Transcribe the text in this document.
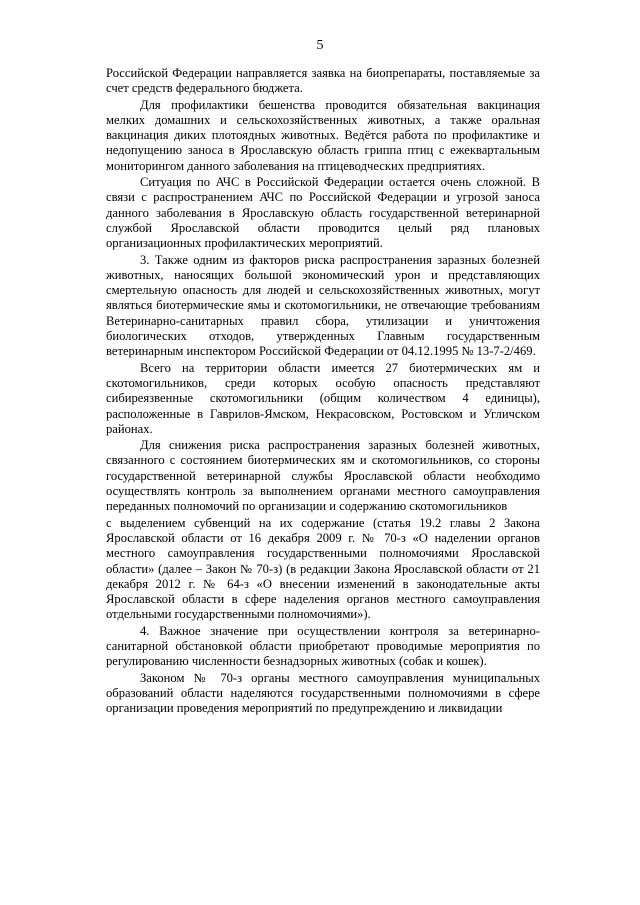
5

Российской Федерации направляется заявка на биопрепараты, поставляемые за счет средств федерального бюджета.

Для профилактики бешенства проводится обязательная вакцинация мелких домашних и сельскохозяйственных животных, а также оральная вакцинация диких плотоядных животных. Ведётся работа по профилактике и недопущению заноса в Ярославскую область гриппа птиц с ежеквартальным мониторингом данного заболевания на птицеводческих предприятиях.

Ситуация по АЧС в Российской Федерации остается очень сложной. В связи с распространением АЧС по Российской Федерации и угрозой заноса данного заболевания в Ярославскую область государственной ветеринарной службой Ярославской области проводится целый ряд плановых организационных профилактических мероприятий.

3. Также одним из факторов риска распространения заразных болезней животных, наносящих большой экономический урон и представляющих смертельную опасность для людей и сельскохозяйственных животных, могут являться биотермические ямы и скотомогильники, не отвечающие требованиям Ветеринарно-санитарных правил сбора, утилизации и уничтожения биологических отходов, утвержденных Главным государственным ветеринарным инспектором Российской Федерации от 04.12.1995 № 13-7-2/469.

Всего на территории области имеется 27 биотермических ям и скотомогильников, среди которых особую опасность представляют сибиреязвенные скотомогильники (общим количеством 4 единицы), расположенные в Гаврилов-Ямском, Некрасовском, Ростовском и Угличском районах.

Для снижения риска распространения заразных болезней животных, связанного с состоянием биотермических ям и скотомогильников, со стороны государственной ветеринарной службы Ярославской области необходимо осуществлять контроль за выполнением органами местного самоуправления переданных полномочий по организации и содержанию скотомогильников

с выделением субвенций на их содержание (статья 19.2 главы 2 Закона Ярославской области от 16 декабря 2009 г. № 70-з «О наделении органов местного самоуправления государственными полномочиями Ярославской области» (далее – Закон № 70-з) (в редакции Закона Ярославской области от 21 декабря 2012 г. № 64-з «О внесении изменений в законодательные акты Ярославской области в сфере наделения органов местного самоуправления отдельными государственными полномочиями»).

4. Важное значение при осуществлении контроля за ветеринарно-санитарной обстановкой области приобретают проводимые мероприятия по регулированию численности безнадзорных животных (собак и кошек).

Законом № 70-з органы местного самоуправления муниципальных образований области наделяются государственными полномочиями в сфере организации проведения мероприятий по предупреждению и ликвидации
